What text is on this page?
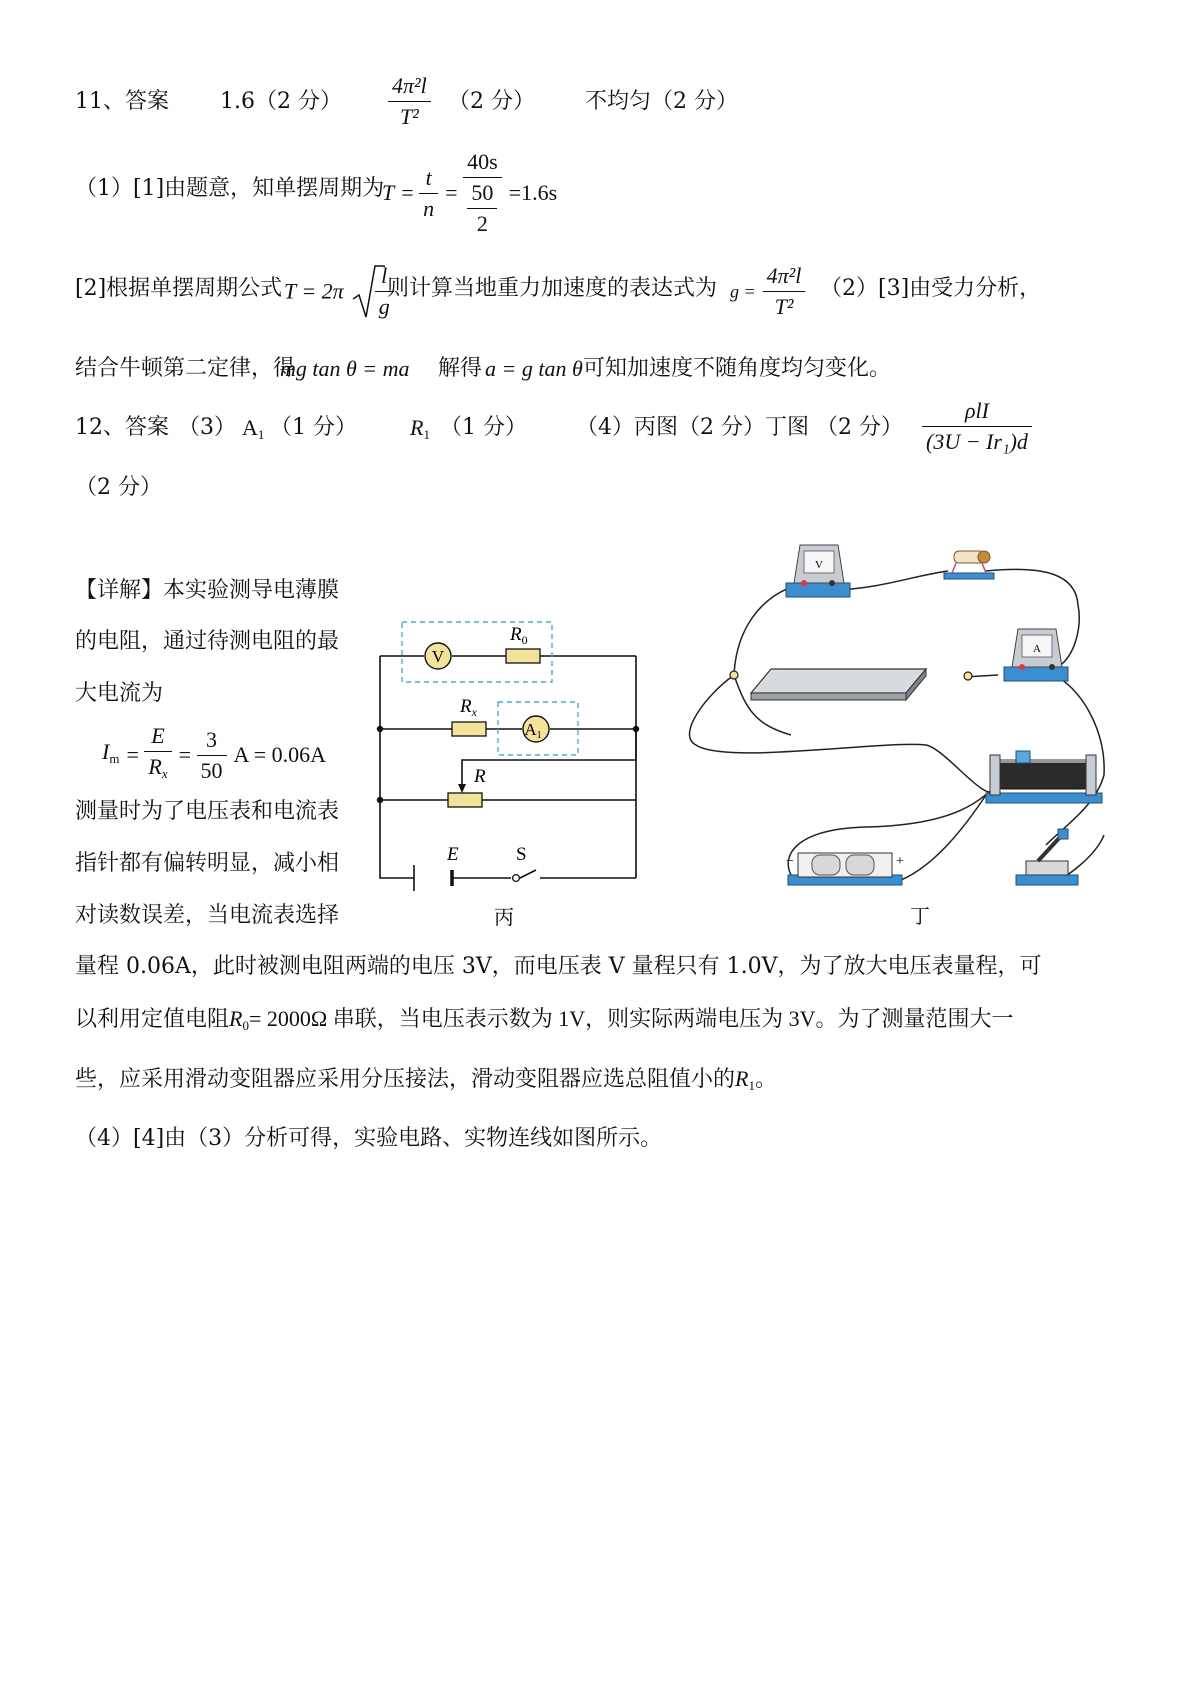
11、答案 1.6（2 分） $\frac{\text{4π²l}}{\text{T²}} (2$ 分） 不均匀（2 分）
（1）[1]由题意，知单摆周期为
$T = \frac{t}{n} = \frac{40s}{\frac{50}{2}} =1.6s$
[2]根据单摆周期公式 $T = 2\pi \frac{l}{g}$
则计算当地重力加速度的表达式为 $g = \frac{\text{4π²l}}{\text{T²}} (2)[3]$由受力分析，
结合牛顿第二定律，得
mg tan θ = ma 解得 a = g tan θ 可知加速度不随角度均匀变化。
12、答案 （3） $A_1$ （1 分） $R_1$ （1 分） （4）丙图（2 分）丁图 （2 分） $\frac{\text{ρlI}}{\text{(3U − Ir₁)d}}$
（2 分）
【详解】本实验测导电薄膜
的电阻，通过待测电阻的最
大电流为
$I_m = \frac{E}{R_x} = \frac{3}{50}$ A = 0.06A
测量时为了电压表和电流表
指针都有偏转明显，减小相
对读数误差，当电流表选择
量程 0.06A，此时被测电阻两端的电压 3V，而电压表 V 量程只有 1.0V，为了放大电压表量程，可
以利用定值电阻$R_0= 2000\Omega$ 串联，当电压表示数为 1V，则实际两端电压为 3V。为了测量范围大一
些，应采用滑动变阻器应采用分压接法，滑动变阻器应选总阻值小的$R_1$。
（4）[4]由（3）分析可得，实验电路、实物连线如图所示。
V
$R_0$
$R_x$
A1
R
E	S
丙
V
A
−	+
丁
